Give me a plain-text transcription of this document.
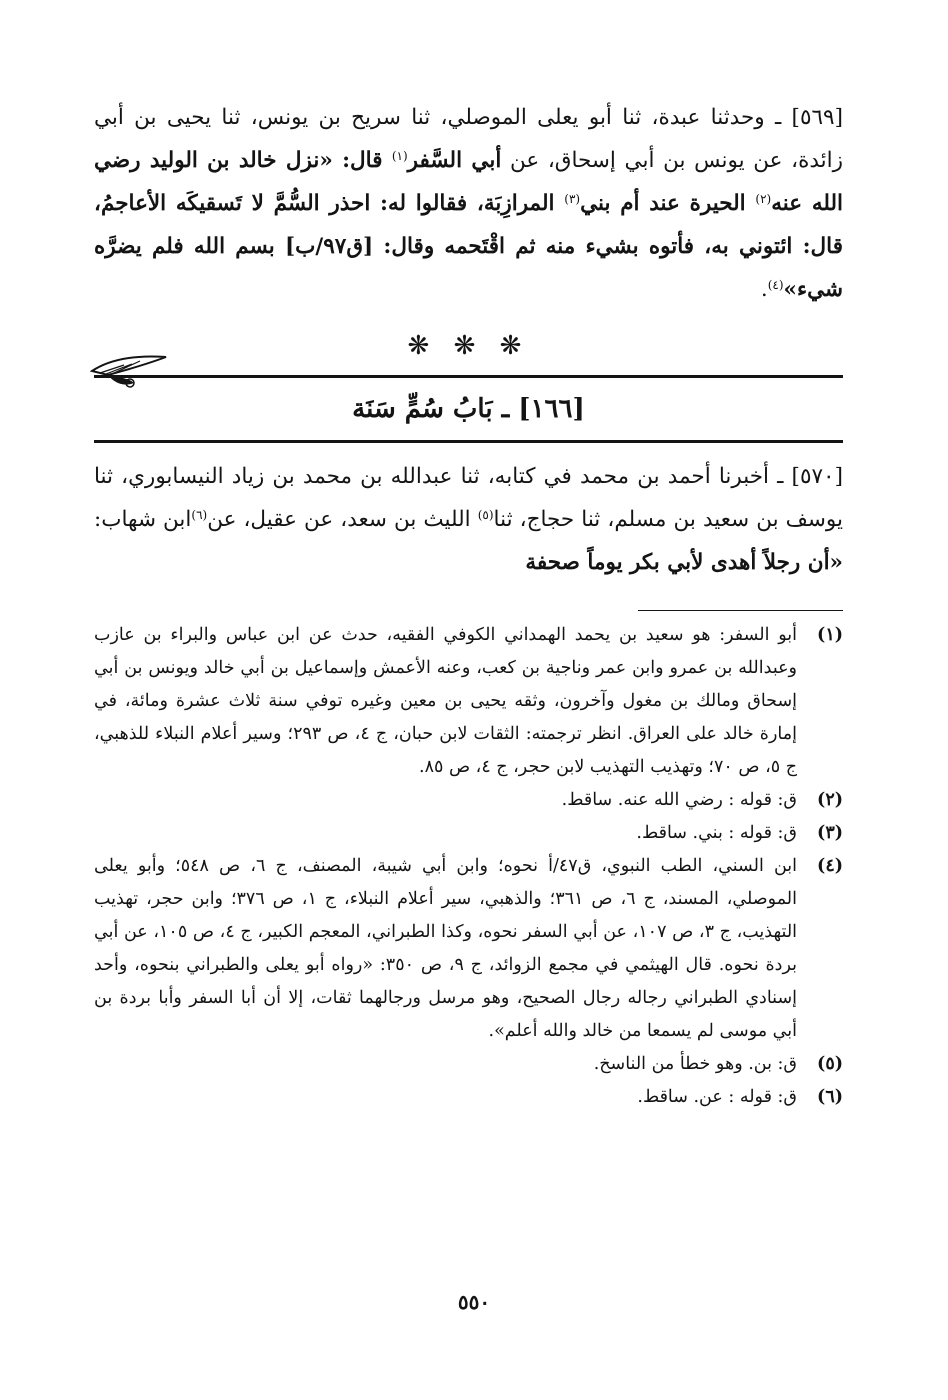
[٥٦٩] ـ وحدثنا عبدة، ثنا أبو يعلى الموصلي، ثنا سريح بن يونس، ثنا يحيى بن أبي زائدة، عن يونس بن أبي إسحاق، عن أبي السَّفر$^{(١)}$ قال: «نزل خالد بن الوليد رضي الله عنه$^{(٢)}$ الحيرة عند أم بني$^{(٣)}$ المرازِبَة، فقالوا له: احذر السُّمَّ لا تَسقيكَه الأعاجمُ، قال: ائتوني به، فأتوه بشيء منه ثم اقْتَحمه وقال: [ق٩٧/ب] بسم الله فلم يضرَّه شيء»$^{(٤)}$.

❋ ❋ ❋

[١٦٦] ـ بَابُ سُمٍّ سَنَة

[٥٧٠] ـ أخبرنا أحمد بن محمد في كتابه، ثنا عبدالله بن محمد بن زياد النيسابوري، ثنا يوسف بن سعيد بن مسلم، ثنا حجاج، ثنا$^{(٥)}$ الليث بن سعد، عن عقيل، عن$^{(٦)}$ابن شهاب: «أن رجلاً أهدى لأبي بكر يوماً صحفة

(١)
أبو السفر: هو سعيد بن يحمد الهمداني الكوفي الفقيه، حدث عن ابن عباس والبراء بن عازب وعبدالله بن عمرو وابن عمر وناجية بن كعب، وعنه الأعمش وإسماعيل بن أبي خالد ويونس بن أبي إسحاق ومالك بن مغول وآخرون، وثقه يحيى بن معين وغيره توفي سنة ثلاث عشرة ومائة، في إمارة خالد على العراق. انظر ترجمته: الثقات لابن حبان، ج ٤، ص ٢٩٣؛ وسير أعلام النبلاء للذهبي، ج ٥، ص ٧٠؛ وتهذيب التهذيب لابن حجر، ج ٤، ص ٨٥.
(٢)
ق: قوله : رضي الله عنه. ساقط.
(٣)
ق: قوله : بني. ساقط.
(٤)
ابن السني، الطب النبوي، ق٤٧/أ نحوه؛ وابن أبي شيبة، المصنف، ج ٦، ص ٥٤٨؛ وأبو يعلى الموصلي، المسند، ج ٦، ص ٣٦١؛ والذهبي، سير أعلام النبلاء، ج ١، ص ٣٧٦؛ وابن حجر، تهذيب التهذيب، ج ٣، ص ١٠٧، عن أبي السفر نحوه، وكذا الطبراني، المعجم الكبير، ج ٤، ص ١٠٥، عن أبي بردة نحوه. قال الهيثمي في مجمع الزوائد، ج ٩، ص ٣٥٠: «رواه أبو يعلى والطبراني بنحوه، وأحد إسنادي الطبراني رجاله رجال الصحيح، وهو مرسل ورجالهما ثقات، إلا أن أبا السفر وأبا بردة بن أبي موسى لم يسمعا من خالد والله أعلم».
(٥)
ق: بن. وهو خطأ من الناسخ.
(٦)
ق: قوله : عن. ساقط.
٥٥٠
